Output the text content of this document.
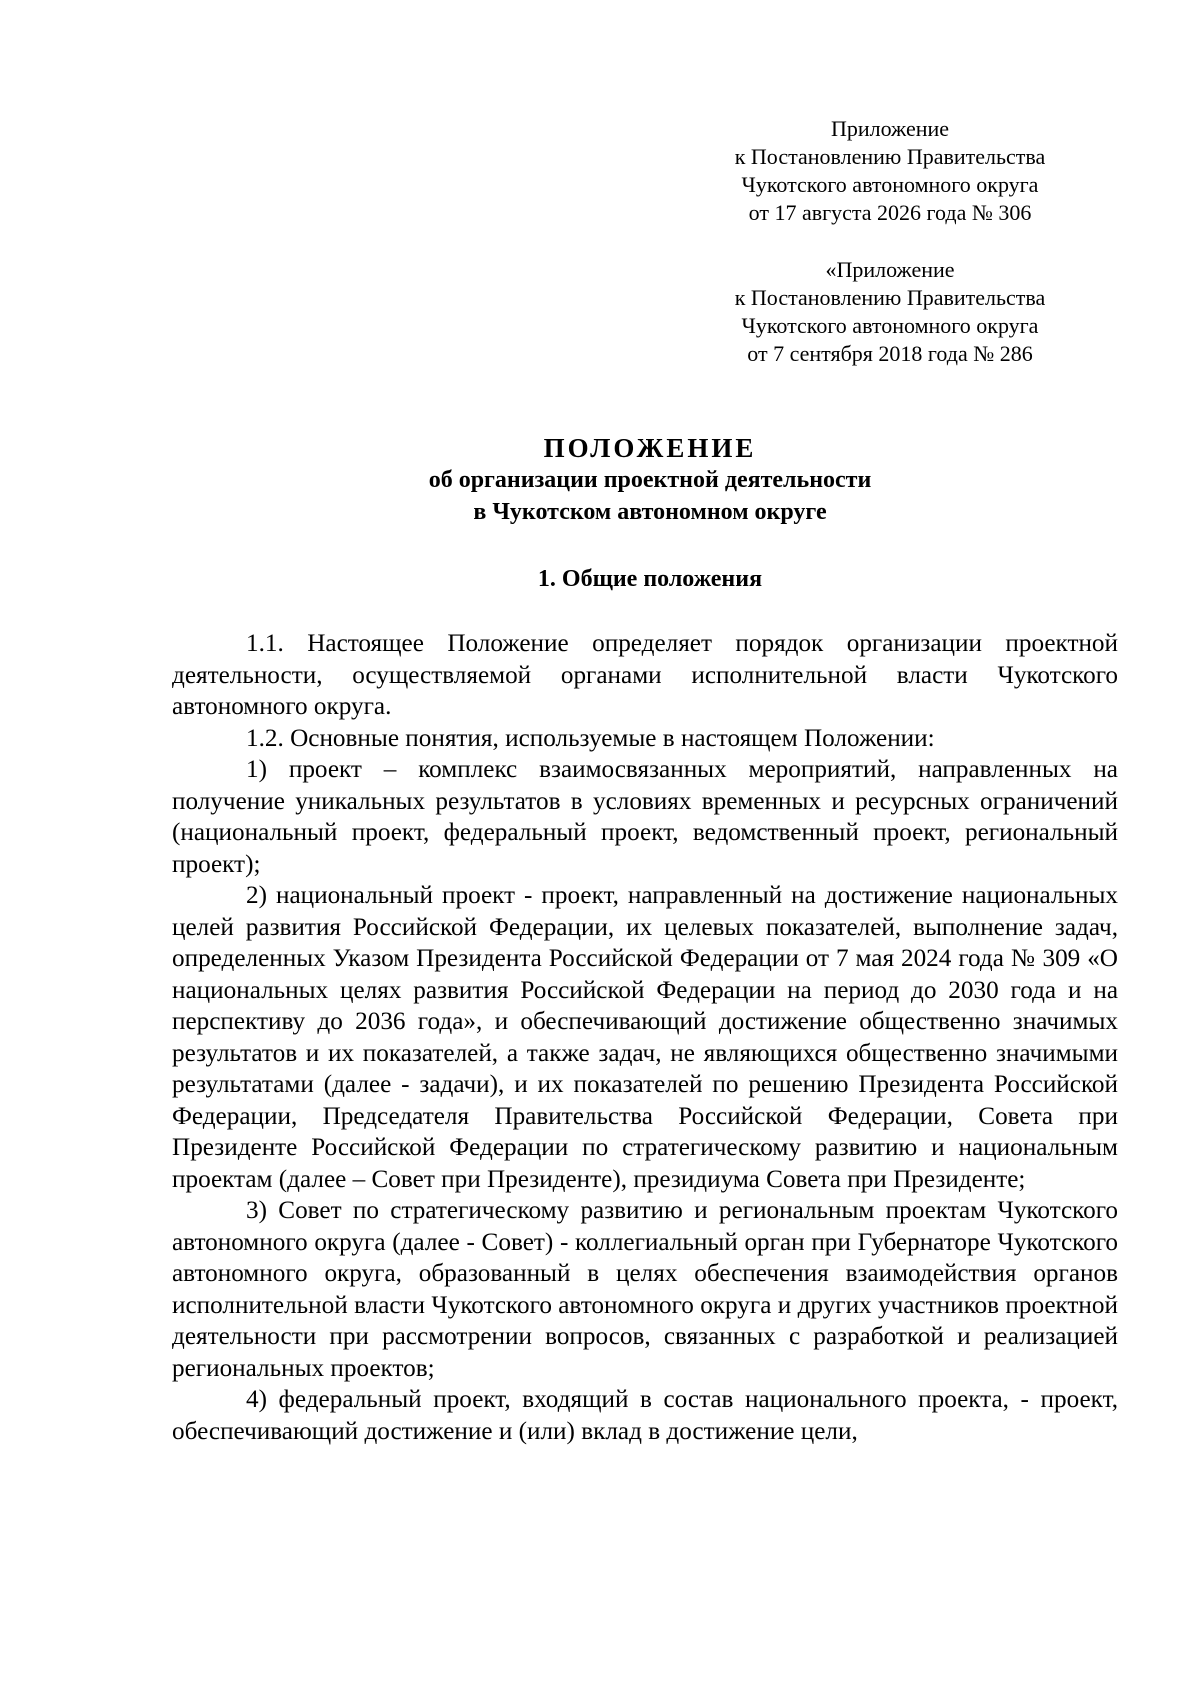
Приложение
к Постановлению Правительства
Чукотского автономного округа
от 17 августа 2026 года № 306
«Приложение
к Постановлению Правительства
Чукотского автономного округа
от 7 сентября 2018 года № 286
ПОЛОЖЕНИЕ
об организации проектной деятельности
в Чукотском автономном округе
1. Общие положения

1.1. Настоящее Положение определяет порядок организации проектной деятельности, осуществляемой органами исполнительной власти Чукотского автономного округа.

1.2. Основные понятия, используемые в настоящем Положении:

1) проект – комплекс взаимосвязанных мероприятий, направленных на получение уникальных результатов в условиях временных и ресурсных ограничений (национальный проект, федеральный проект, ведомственный проект, региональный проект);

2) национальный проект - проект, направленный на достижение национальных целей развития Российской Федерации, их целевых показателей, выполнение задач, определенных Указом Президента Российской Федерации от 7 мая 2024 года № 309 «О национальных целях развития Российской Федерации на период до 2030 года и на перспективу до 2036 года», и обеспечивающий достижение общественно значимых результатов и их показателей, а также задач, не являющихся общественно значимыми результатами (далее - задачи), и их показателей по решению Президента Российской Федерации, Председателя Правительства Российской Федерации, Совета при Президенте Российской Федерации по стратегическому развитию и национальным проектам (далее – Совет при Президенте), президиума Совета при Президенте;

3) Совет по стратегическому развитию и региональным проектам Чукотского автономного округа (далее - Совет) - коллегиальный орган при Губернаторе Чукотского автономного округа, образованный в целях обеспечения взаимодействия органов исполнительной власти Чукотского автономного округа и других участников проектной деятельности при рассмотрении вопросов, связанных с разработкой и реализацией региональных проектов;

4) федеральный проект, входящий в состав национального проекта, - проект, обеспечивающий достижение и (или) вклад в достижение цели,
